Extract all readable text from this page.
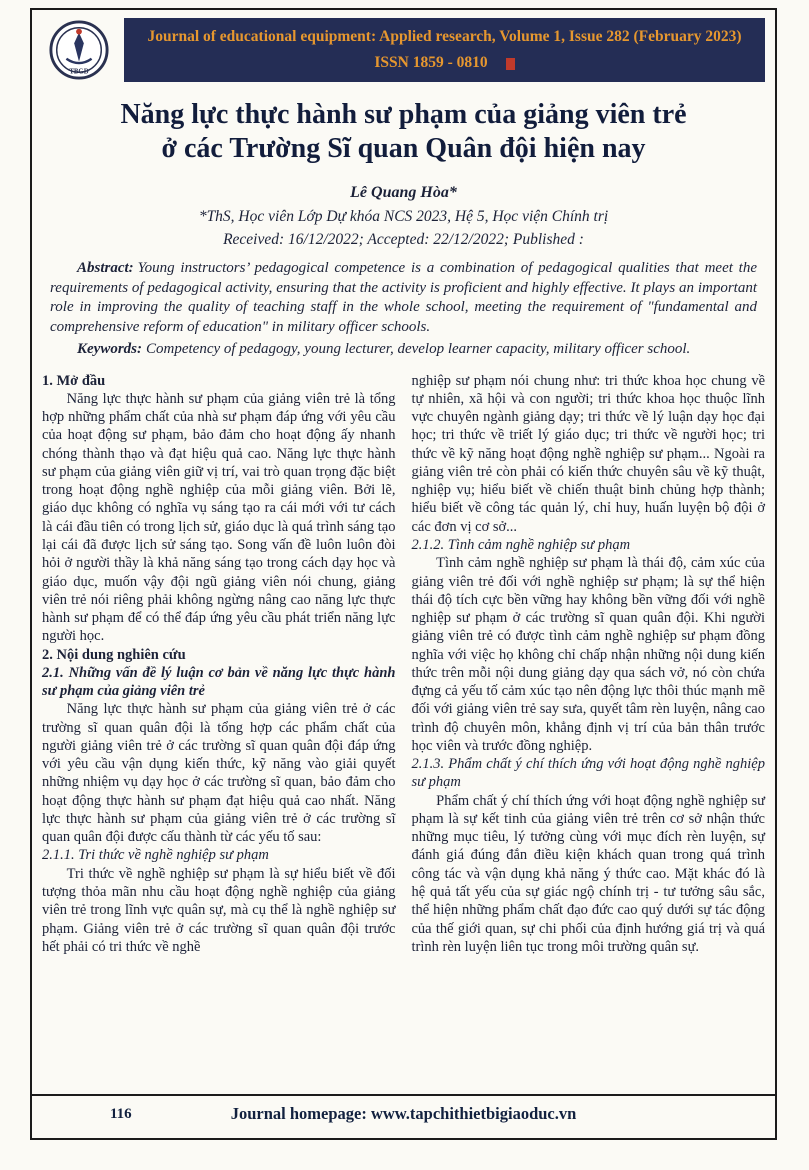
TBGD
Journal of educational equipment: Applied research, Volume 1, Issue 282 (February 2023)
ISSN 1859 - 0810
Năng lực thực hành sư phạm của giảng viên trẻ
ở các Trường Sĩ quan Quân đội hiện nay
Lê Quang Hòa*
*ThS, Học viên Lớp Dự khóa NCS 2023, Hệ 5, Học viện Chính trị
Received: 16/12/2022; Accepted: 22/12/2022; Published :

Abstract: Young instructors’ pedagogical competence is a combination of pedagogical qualities that meet the requirements of pedagogical activity, ensuring that the activity is proficient and highly effective. It plays an important role in improving the quality of teaching staff in the whole school, meeting the requirement of "fundamental and comprehensive reform of education" in military officer schools.

Keywords: Competency of pedagogy, young lecturer, develop learner capacity, military officer school.

1. Mở đầu

Năng lực thực hành sư phạm của giảng viên trẻ là tổng hợp những phẩm chất của nhà sư phạm đáp ứng với yêu cầu của hoạt động sư phạm, bảo đảm cho hoạt động ấy nhanh chóng thành thạo và đạt hiệu quả cao. Năng lực thực hành sư phạm của giảng viên giữ vị trí, vai trò quan trọng đặc biệt trong hoạt động nghề nghiệp của mỗi giảng viên. Bởi lẽ, giáo dục không có nghĩa vụ sáng tạo ra cái mới với tư cách là cái đầu tiên có trong lịch sử, giáo dục là quá trình sáng tạo lại cái đã được lịch sử sáng tạo. Song vấn đề luôn luôn đòi hỏi ở người thầy là khả năng sáng tạo trong cách dạy học và giáo dục, muốn vậy đội ngũ giảng viên nói chung, giảng viên trẻ nói riêng phải không ngừng nâng cao năng lực thực hành sư phạm để có thể đáp ứng yêu cầu phát triển năng lực người học.

2. Nội dung nghiên cứu

2.1. Những vấn đề lý luận cơ bản về năng lực thực hành sư phạm của giảng viên trẻ

Năng lực thực hành sư phạm của giảng viên trẻ ở các trường sĩ quan quân đội là tổng hợp các phẩm chất của người giảng viên trẻ ở các trường sĩ quan quân đội đáp ứng với yêu cầu vận dụng kiến thức, kỹ năng vào giải quyết những nhiệm vụ dạy học ở các trường sĩ quan, bảo đảm cho hoạt động thực hành sư phạm đạt hiệu quả cao nhất. Năng lực thực hành sư phạm của giảng viên trẻ ở các trường sĩ quan quân đội được cấu thành từ các yếu tố sau:

2.1.1. Tri thức về nghề nghiệp sư phạm

Tri thức về nghề nghiệp sư phạm là sự hiểu biết về đối tượng thỏa mãn nhu cầu hoạt động nghề nghiệp của giảng viên trẻ trong lĩnh vực quân sự, mà cụ thể là nghề nghiệp sư phạm. Giảng viên trẻ ở các trường sĩ quan quân đội trước hết phải có tri thức về nghề

nghiệp sư phạm nói chung như: tri thức khoa học chung về tự nhiên, xã hội và con người; tri thức khoa học thuộc lĩnh vực chuyên ngành giảng dạy; tri thức về lý luận dạy học đại học; tri thức về triết lý giáo dục; tri thức về người học; tri thức về kỹ năng hoạt động nghề nghiệp sư phạm... Ngoài ra giảng viên trẻ còn phải có kiến thức chuyên sâu về kỹ thuật, nghiệp vụ; hiểu biết về chiến thuật binh chủng hợp thành; hiểu biết về công tác quản lý, chỉ huy, huấn luyện bộ đội ở các đơn vị cơ sở...

2.1.2. Tình cảm nghề nghiệp sư phạm

Tình cảm nghề nghiệp sư phạm là thái độ, cảm xúc của giảng viên trẻ đối với nghề nghiệp sư phạm; là sự thể hiện thái độ tích cực bền vững hay không bền vững đối với nghề nghiệp sư phạm ở các trường sĩ quan quân đội. Khi người giảng viên trẻ có được tình cảm nghề nghiệp sư phạm đồng nghĩa với việc họ không chỉ chấp nhận những nội dung kiến thức trên mỗi nội dung giảng dạy qua sách vở, nó còn chứa đựng cả yếu tố cảm xúc tạo nên động lực thôi thúc mạnh mẽ đối với giảng viên trẻ say sưa, quyết tâm rèn luyện, nâng cao trình độ chuyên môn, khẳng định vị trí của bản thân trước học viên và trước đồng nghiệp.

2.1.3. Phẩm chất ý chí thích ứng với hoạt động nghề nghiệp sư phạm

Phẩm chất ý chí thích ứng với hoạt động nghề nghiệp sư phạm là sự kết tinh của giảng viên trẻ trên cơ sở nhận thức những mục tiêu, lý tưởng cùng với mục đích rèn luyện, sự đánh giá đúng đắn điều kiện khách quan trong quá trình công tác và vận dụng khả năng ý thức cao. Mặt khác đó là hệ quả tất yếu của sự giác ngộ chính trị - tư tưởng sâu sắc, thể hiện những phẩm chất đạo đức cao quý dưới sự tác động của thế giới quan, sự chi phối của định hướng giá trị và quá trình rèn luyện liên tục trong môi trường quân sự.

116	Journal homepage: www.tapchithietbigiaoduc.vn
